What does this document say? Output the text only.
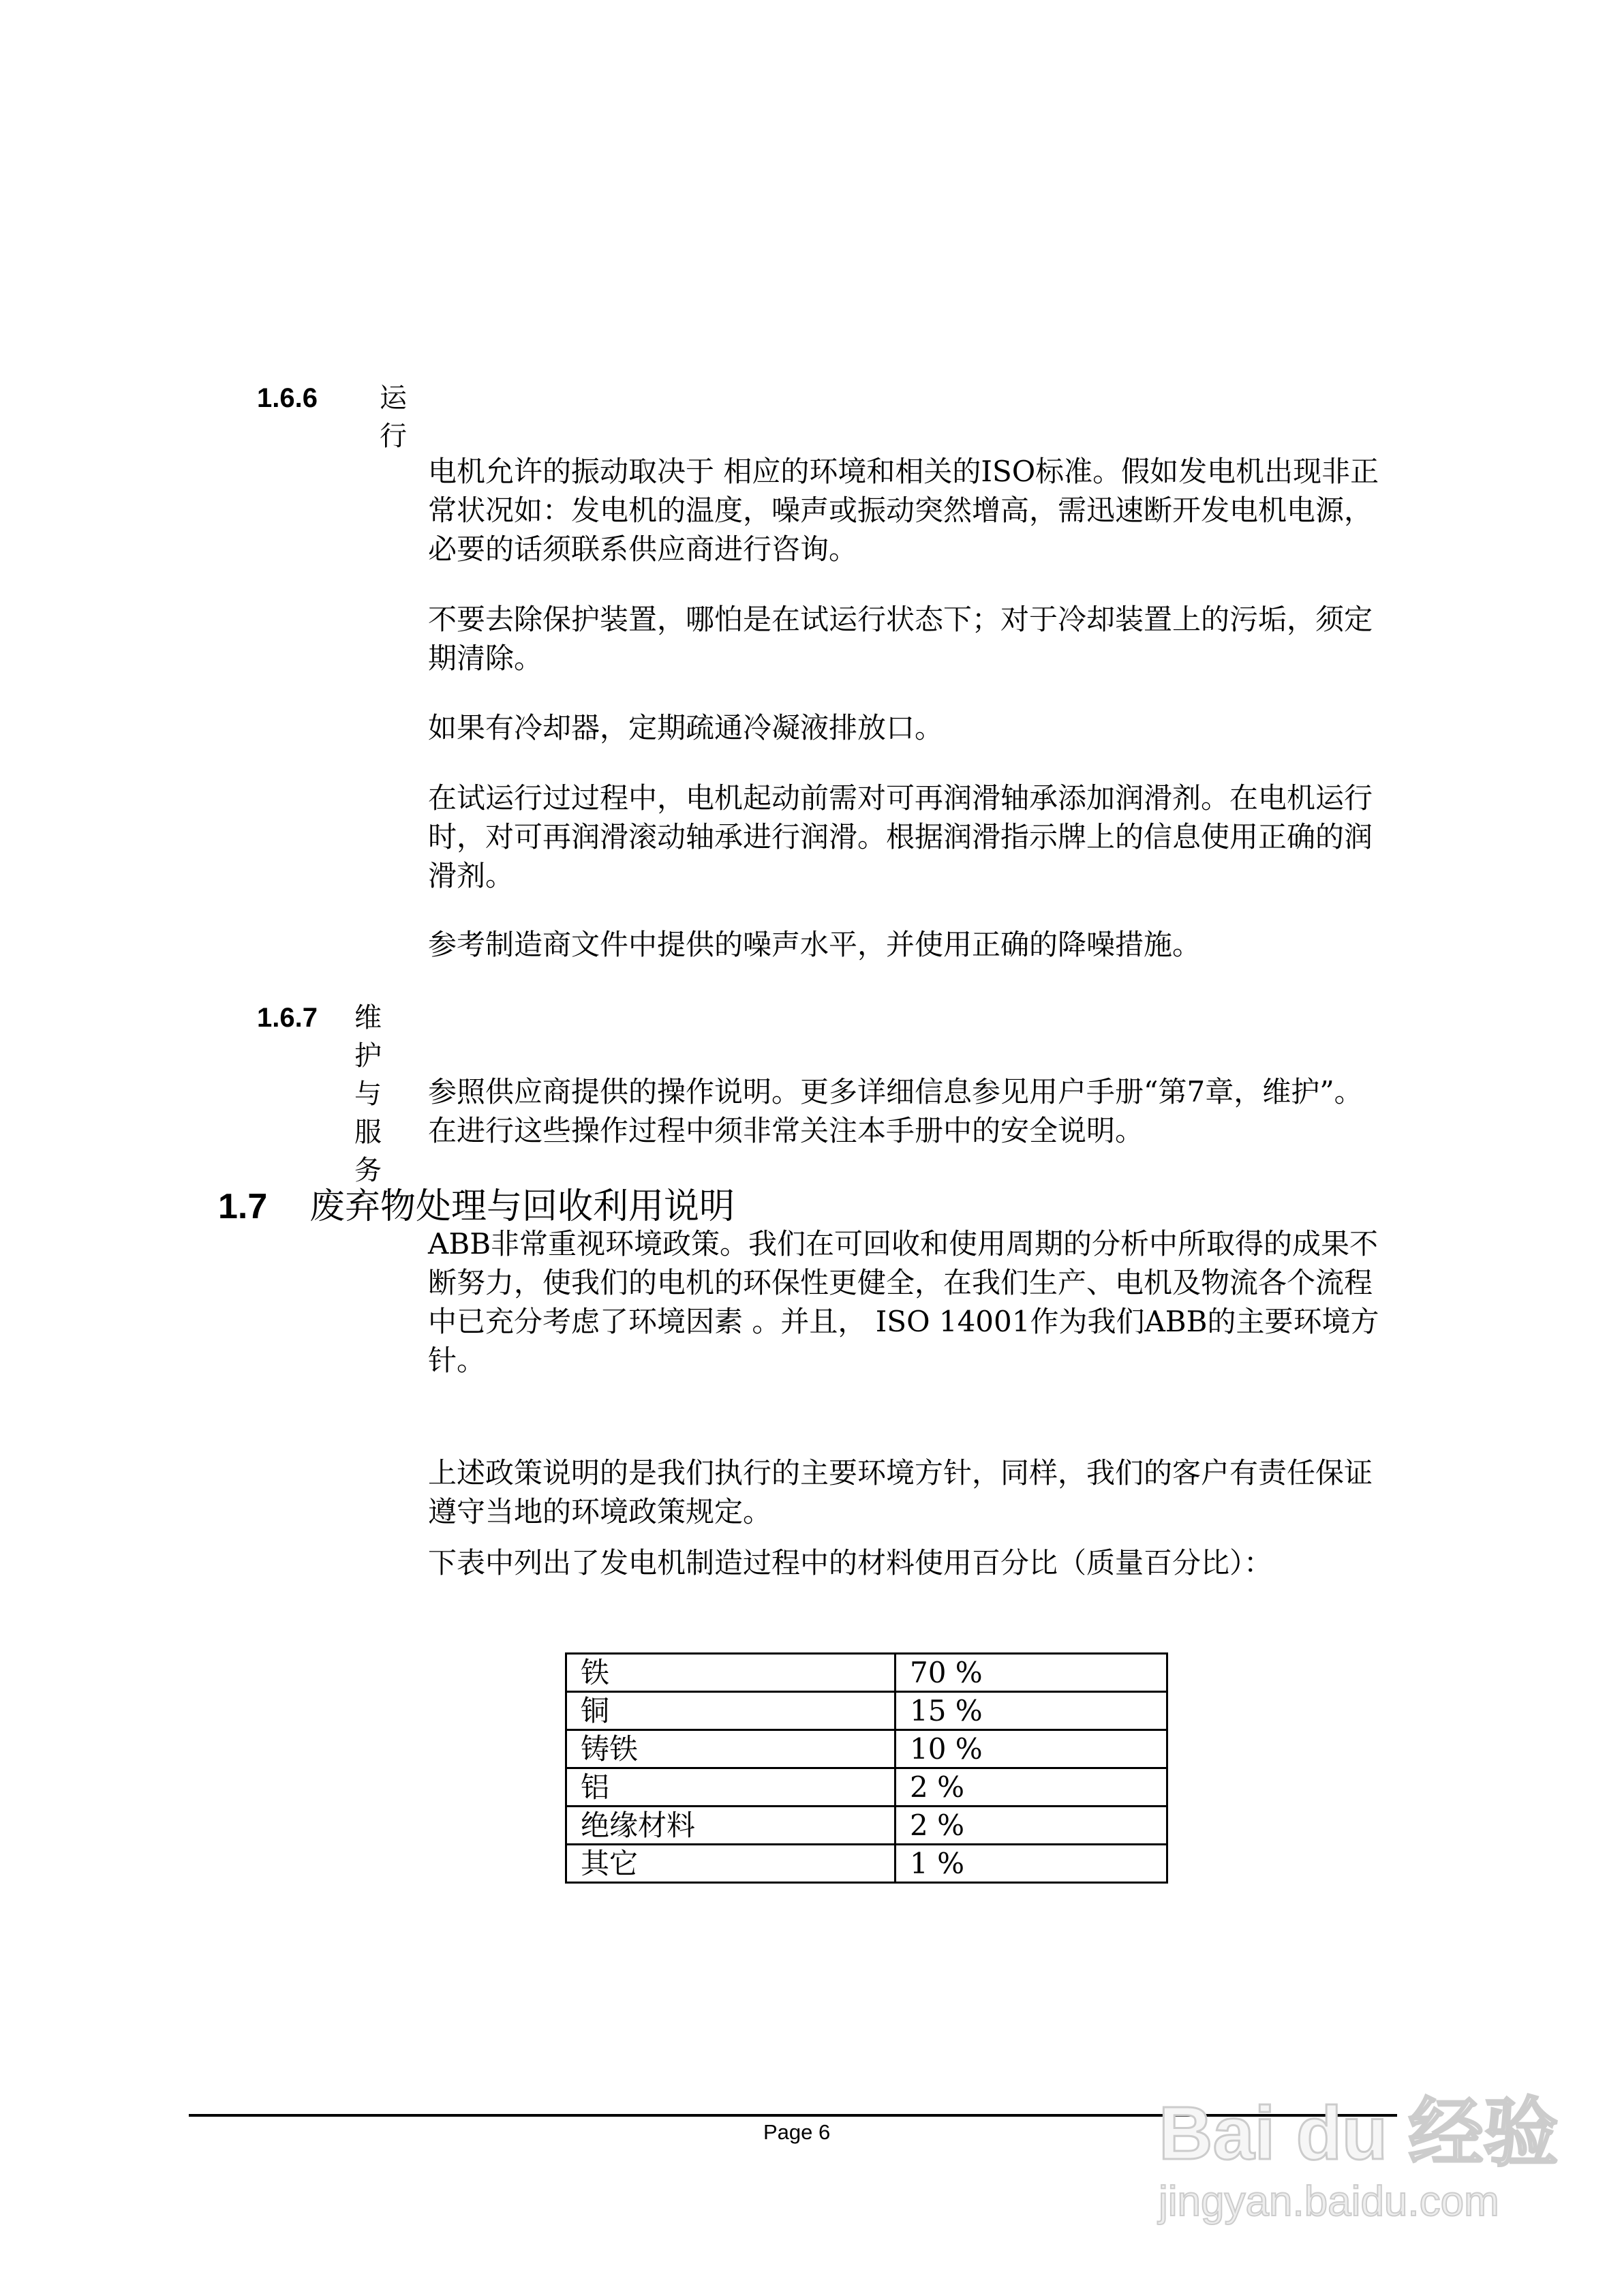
1.6.6 运行
电机允许的振动取决于 相应的环境和相关的ISO标准。假如发电机出现非正
常状况如：发电机的温度，噪声或振动突然增高，需迅速断开发电机电源，
必要的话须联系供应商进行咨询。
不要去除保护装置，哪怕是在试运行状态下；对于冷却装置上的污垢，须定
期清除。
如果有冷却器，定期疏通冷凝液排放口。
在试运行过过程中，电机起动前需对可再润滑轴承添加润滑剂。在电机运行
时，对可再润滑滚动轴承进行润滑。根据润滑指示牌上的信息使用正确的润
滑剂。
参考制造商文件中提供的噪声水平，并使用正确的降噪措施。
1.6.7 维护与服务
参照供应商提供的操作说明。更多详细信息参见用户手册“第7章，维护”。
在进行这些操作过程中须非常关注本手册中的安全说明。
1.7 废弃物处理与回收利用说明
ABB非常重视环境政策。我们在可回收和使用周期的分析中所取得的成果不
断努力，使我们的电机的环保性更健全，在我们生产、电机及物流各个流程
中已充分考虑了环境因素 。并且， ISO 14001作为我们ABB的主要环境方
针。
上述政策说明的是我们执行的主要环境方针，同样，我们的客户有责任保证
遵守当地的环境政策规定。
下表中列出了发电机制造过程中的材料使用百分比（质量百分比）：
铁	70 %
铜	15 %
铸铁	10 %
铝	2 %
绝缘材料	2 %
其它	1 %
Page 6	Bai du 经验
jingyan.baidu.com
